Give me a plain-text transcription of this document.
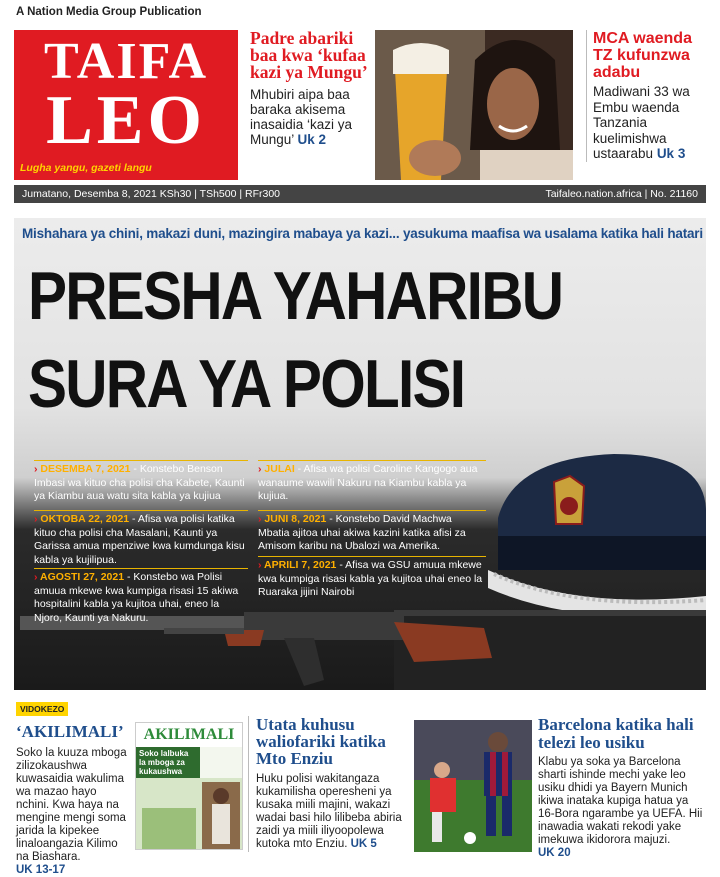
A Nation Media Group Publication
TAIFA
LEO
Lugha yangu, gazeti langu
Padre abariki baa kwa ‘kufaa kazi ya Mungu’
Mhubiri aipa baa baraka akisema inasaidia ‘kazi ya Mungu’ Uk 2
MCA waenda TZ kufunzwa adabu
Madiwani 33 wa Embu waenda Tanzania kuelimishwa ustaarabu Uk 3
Jumatano, Desemba 8, 2021 KSh30 | TSh500 | RFr300	Taifaleo.nation.africa | No. 21160
Mishahara ya chini, makazi duni, mazingira mabaya ya kazi... yasukuma maafisa wa usalama katika hali hatari
PRESHA YAHARIBU
SURA YA POLISI
› DESEMBA 7, 2021 - Konstebo Benson Imbasi wa kituo cha polisi cha Kabete, Kaunti ya Kiambu aua watu sita kabla ya kujiua
› OKTOBA 22, 2021 - Afisa wa polisi katika kituo cha polisi cha Masalani, Kaunti ya Garissa amua mpenziwe kwa kumdunga kisu kabla ya kujilipua.
› AGOSTI 27, 2021 - Konstebo wa Polisi amuua mkewe kwa kumpiga risasi 15 akiwa hospitalini kabla ya kujitoa uhai, eneo la Njoro, Kaunti ya Nakuru.
› JULAI - Afisa wa polisi Caroline Kangogo aua wanaume wawili Nakuru na Kiambu kabla ya kujiua.
› JUNI 8, 2021 - Konstebo David Machwa Mbatia ajitoa uhai akiwa kazini katika afisi za Amisom karibu na Ubalozi wa Amerika.
› APRILI 7, 2021 - Afisa wa GSU amuua mkewe kwa kumpiga risasi kabla ya kujitoa uhai eneo la Ruaraka jijini Nairobi
VIDOKEZO
‘AKILIMALI’
Soko la kuuza mboga zilizokaushwa kuwasaidia wakulima wa mazao hayo nchini. Kwa haya na mengine mengi soma jarida la kipekee linaloangazia Kilimo na Biashara.
UK 13-17
AKILIMALI
Soko lalbuka la mboga za kukaushwa
Utata kuhusu waliofariki katika Mto Enziu
Huku polisi wakitangaza kukamilisha operesheni ya kusaka miili majini, wakazi wadai basi hilo lilibeba abiria zaidi ya miili iliyoopolewa kutoka mto Enziu. UK 5
Barcelona katika hali telezi leo usiku
Klabu ya soka ya Barcelona sharti ishinde mechi yake leo usiku dhidi ya Bayern Munich ikiwa inataka kupiga hatua ya 16-Bora ngarambe ya UEFA. Hii inawadia wakati rekodi yake imekuwa ikidorora majuzi.
UK 20
